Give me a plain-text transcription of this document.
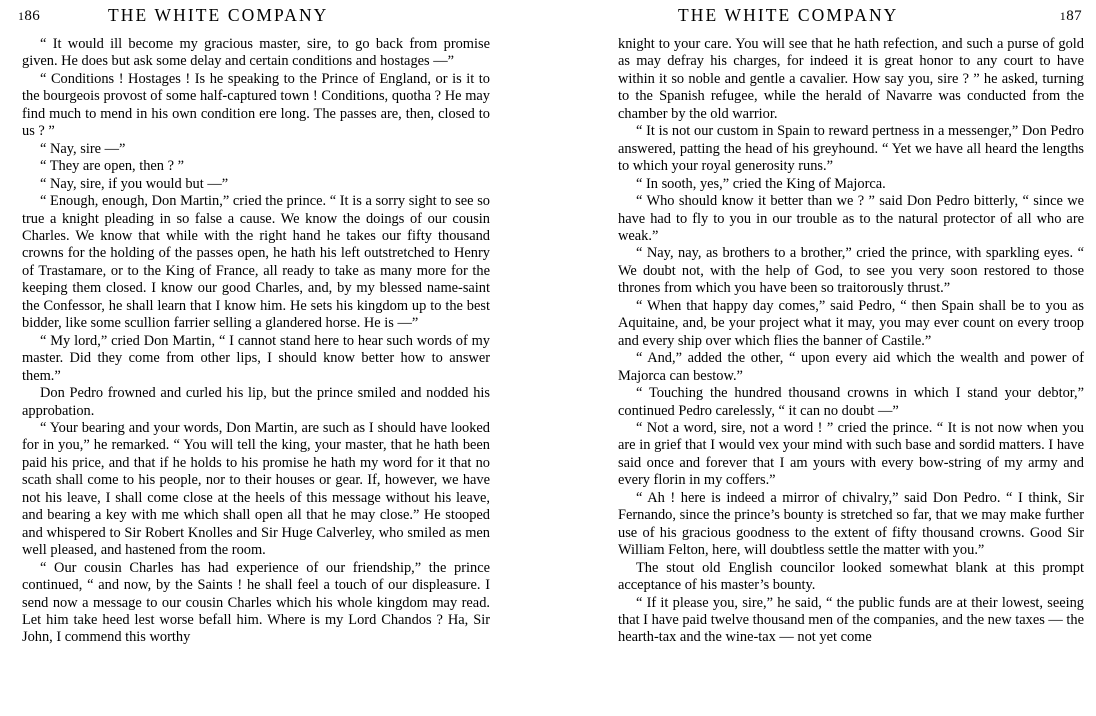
186	THE WHITE COMPANY

“ It would ill become my gracious master, sire, to go back from promise given. He does but ask some delay and certain conditions and hostages —”

“ Conditions ! Hostages ! Is he speaking to the Prince of England, or is it to the bourgeois provost of some half-captured town ! Conditions, quotha ? He may find much to mend in his own condition ere long. The passes are, then, closed to us ? ”

“ Nay, sire —”

“ They are open, then ? ”

“ Nay, sire, if you would but —”

“ Enough, enough, Don Martin,” cried the prince. “ It is a sorry sight to see so true a knight pleading in so false a cause. We know the doings of our cousin Charles. We know that while with the right hand he takes our fifty thousand crowns for the holding of the passes open, he hath his left outstretched to Henry of Trastamare, or to the King of France, all ready to take as many more for the keeping them closed. I know our good Charles, and, by my blessed name-saint the Confessor, he shall learn that I know him. He sets his kingdom up to the best bidder, like some scullion farrier selling a glandered horse. He is —”

“ My lord,” cried Don Martin, “ I cannot stand here to hear such words of my master. Did they come from other lips, I should know better how to answer them.”

Don Pedro frowned and curled his lip, but the prince smiled and nodded his approbation.

“ Your bearing and your words, Don Martin, are such as I should have looked for in you,” he remarked. “ You will tell the king, your master, that he hath been paid his price, and that if he holds to his promise he hath my word for it that no scath shall come to his people, nor to their houses or gear. If, however, we have not his leave, I shall come close at the heels of this message without his leave, and bearing a key with me which shall open all that he may close.” He stooped and whispered to Sir Robert Knolles and Sir Huge Calverley, who smiled as men well pleased, and hastened from the room.

“ Our cousin Charles has had experience of our friendship,” the prince continued, “ and now, by the Saints ! he shall feel a touch of our displeasure. I send now a message to our cousin Charles which his whole kingdom may read. Let him take heed lest worse befall him. Where is my Lord Chandos ? Ha, Sir John, I commend this worthy

THE WHITE COMPANY	187

knight to your care. You will see that he hath refection, and such a purse of gold as may defray his charges, for indeed it is great honor to any court to have within it so noble and gentle a cavalier. How say you, sire ? ” he asked, turning to the Spanish refugee, while the herald of Navarre was conducted from the chamber by the old warrior.

“ It is not our custom in Spain to reward pertness in a messenger,” Don Pedro answered, patting the head of his greyhound. “ Yet we have all heard the lengths to which your royal generosity runs.”

“ In sooth, yes,” cried the King of Majorca.

“ Who should know it better than we ? ” said Don Pedro bitterly, “ since we have had to fly to you in our trouble as to the natural protector of all who are weak.”

“ Nay, nay, as brothers to a brother,” cried the prince, with sparkling eyes. “ We doubt not, with the help of God, to see you very soon restored to those thrones from which you have been so traitorously thrust.”

“ When that happy day comes,” said Pedro, “ then Spain shall be to you as Aquitaine, and, be your project what it may, you may ever count on every troop and every ship over which flies the banner of Castile.”

“ And,” added the other, “ upon every aid which the wealth and power of Majorca can bestow.”

“ Touching the hundred thousand crowns in which I stand your debtor,” continued Pedro carelessly, “ it can no doubt —”

“ Not a word, sire, not a word ! ” cried the prince. “ It is not now when you are in grief that I would vex your mind with such base and sordid matters. I have said once and forever that I am yours with every bow-string of my army and every florin in my coffers.”

“ Ah ! here is indeed a mirror of chivalry,” said Don Pedro. “ I think, Sir Fernando, since the prince’s bounty is stretched so far, that we may make further use of his gracious goodness to the extent of fifty thousand crowns. Good Sir William Felton, here, will doubtless settle the matter with you.”

The stout old English councilor looked somewhat blank at this prompt acceptance of his master’s bounty.

“ If it please you, sire,” he said, “ the public funds are at their lowest, seeing that I have paid twelve thousand men of the companies, and the new taxes — the hearth-tax and the wine-tax — not yet come
